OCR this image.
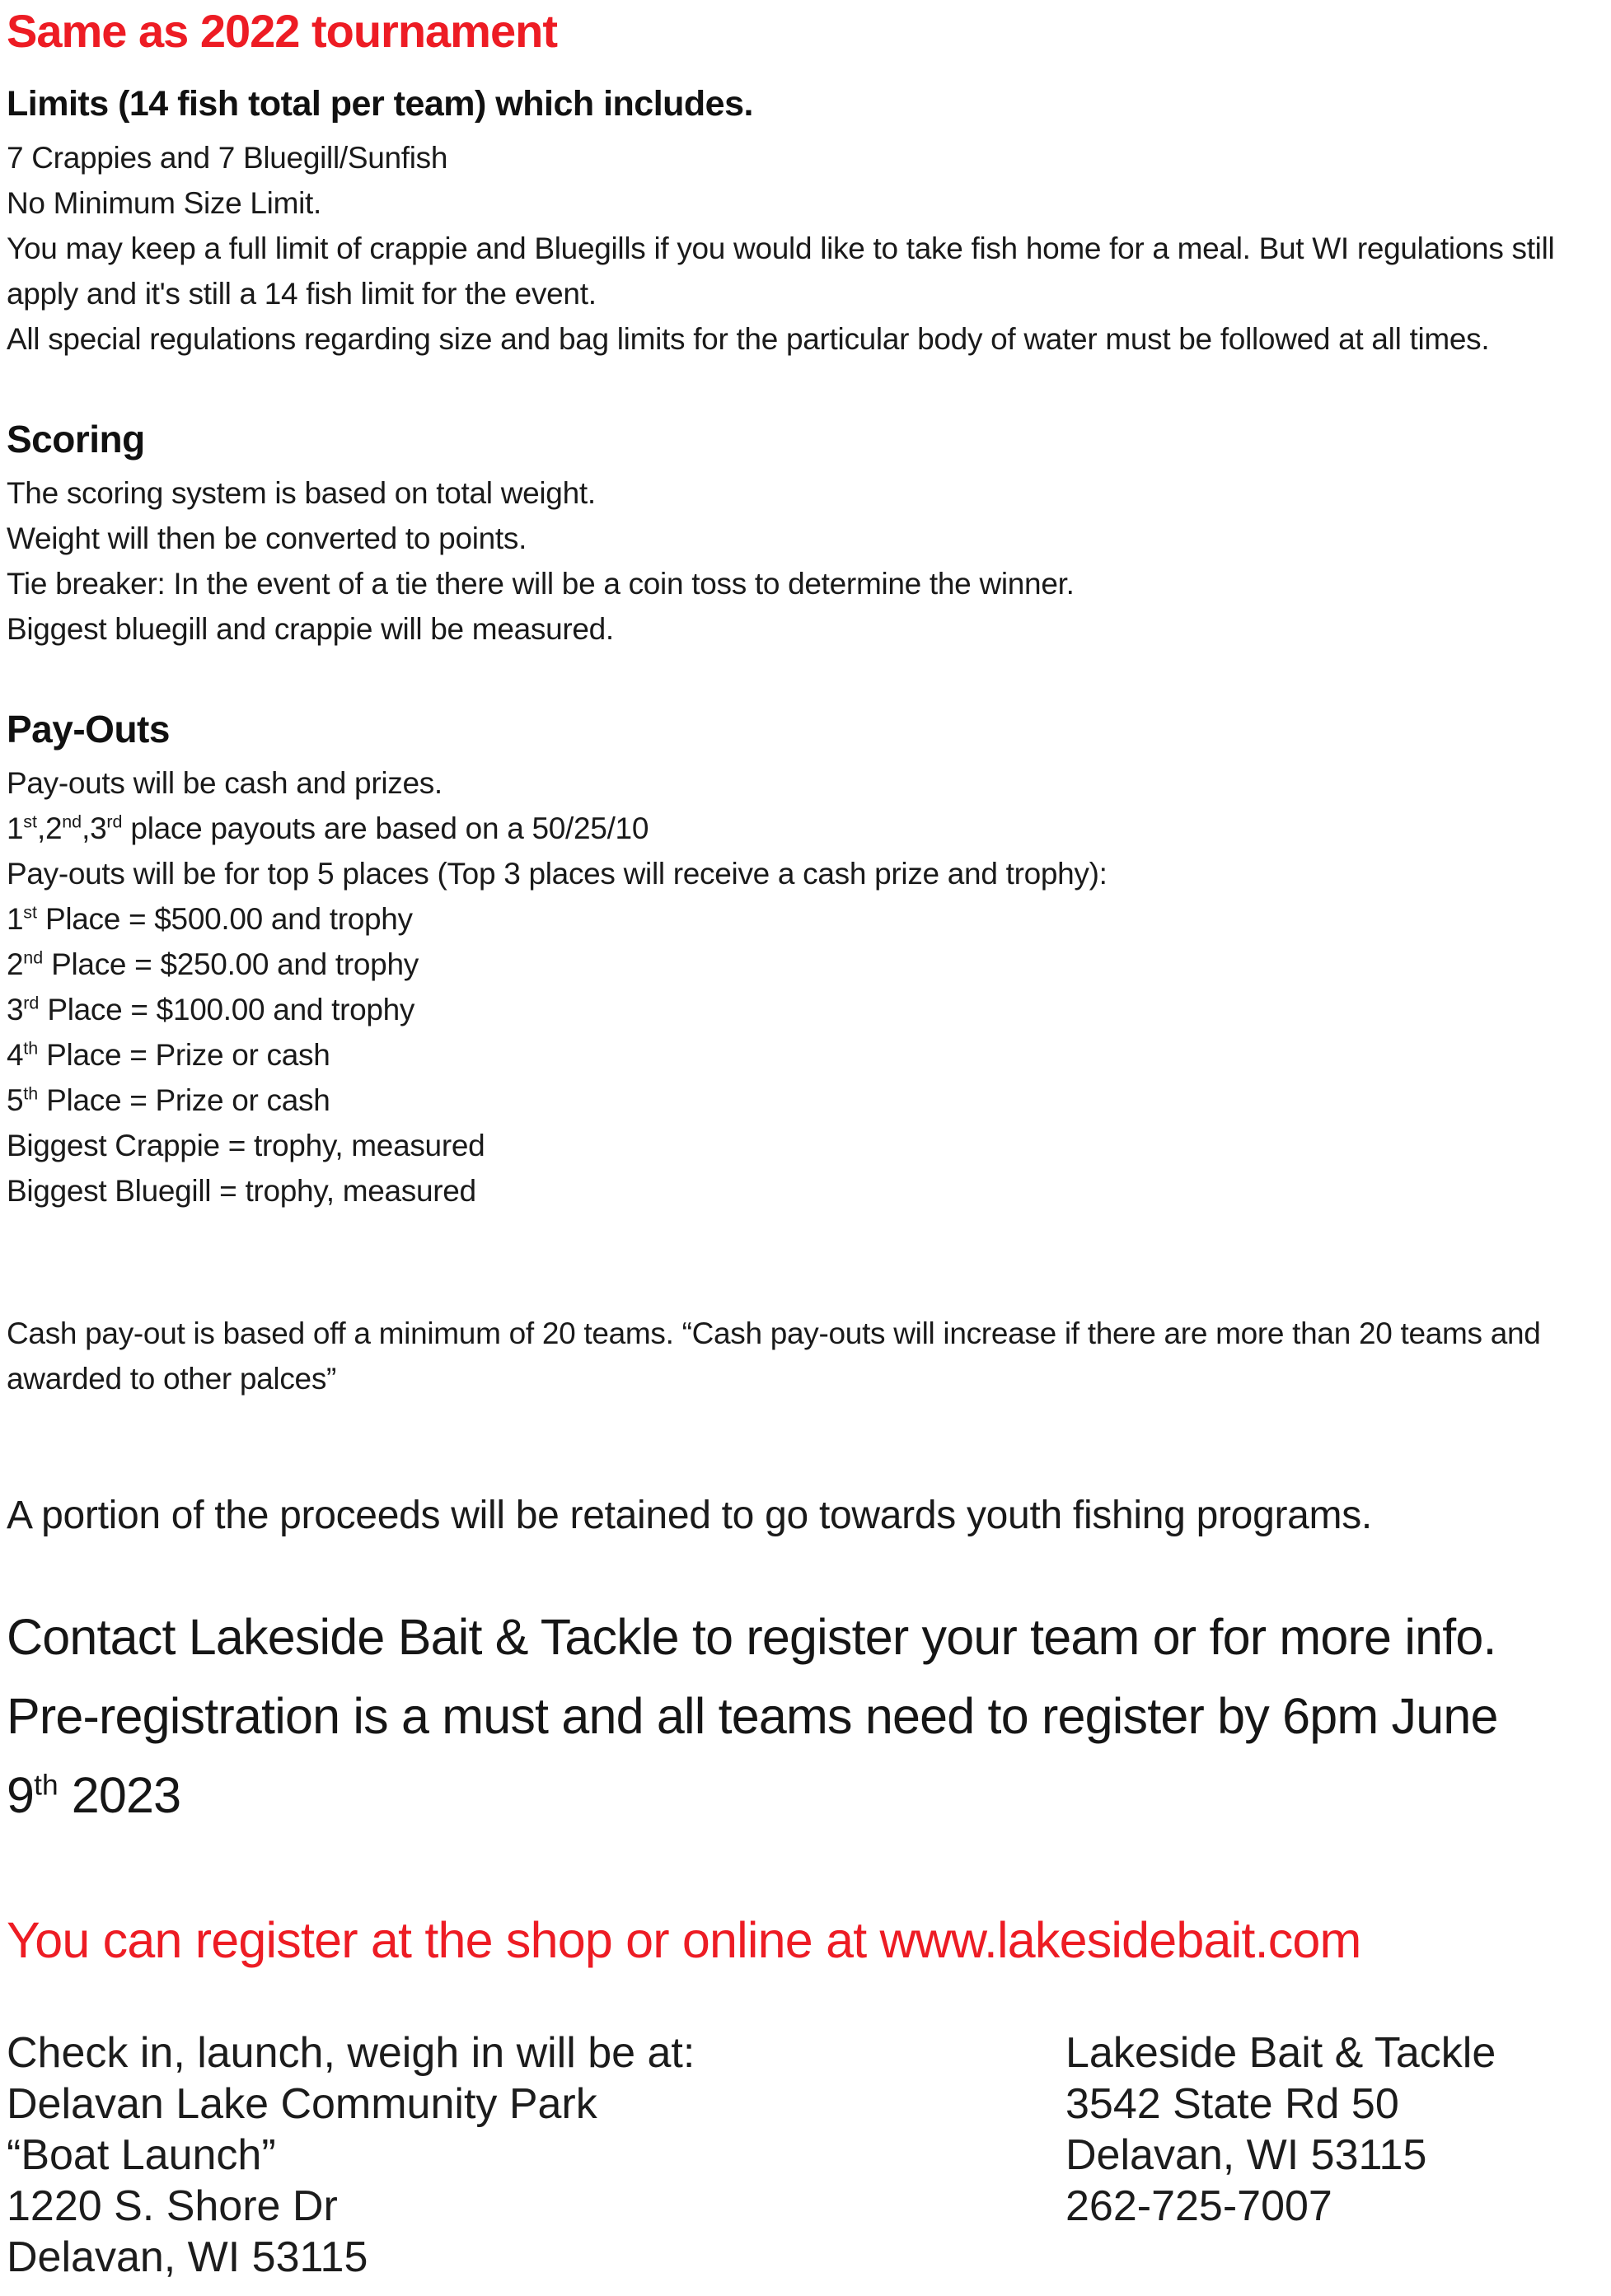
Same as 2022 tournament

Limits (14 fish total per team) which includes.

7 Crappies and 7 Bluegill/Sunfish

No Minimum Size Limit.

You may keep a full limit of crappie and Bluegills if you would like to take fish home for a meal. But WI regulations still apply and it's still a 14 fish limit for the event.

All special regulations regarding size and bag limits for the particular body of water must be followed at all times.

Scoring

The scoring system is based on total weight.

Weight will then be converted to points.

Tie breaker: In the event of a tie there will be a coin toss to determine the winner.

Biggest bluegill and crappie will be measured.

Pay-Outs

Pay-outs will be cash and prizes.

1st,2nd,3rd place payouts are based on a 50/25/10

Pay-outs will be for top 5 places (Top 3 places will receive a cash prize and trophy):

1st Place = $500.00 and trophy

2nd Place = $250.00 and trophy

3rd Place = $100.00 and trophy

4th Place = Prize or cash

5th Place = Prize or cash

Biggest Crappie = trophy, measured

Biggest Bluegill = trophy, measured

Cash pay-out is based off a minimum of 20 teams. “Cash pay-outs will increase if there are more than 20 teams and awarded to other palces”

A portion of the proceeds will be retained to go towards youth fishing programs.

Contact Lakeside Bait & Tackle to register your team or for more info. Pre-registration is a must and all teams need to register by 6pm June 9th 2023

You can register at the shop or online at www.lakesidebait.com

Check in, launch, weigh in will be at:

Delavan Lake Community Park

“Boat Launch”

1220 S. Shore Dr

Delavan, WI 53115

Lakeside Bait & Tackle

3542 State Rd 50

Delavan, WI 53115

262-725-7007
